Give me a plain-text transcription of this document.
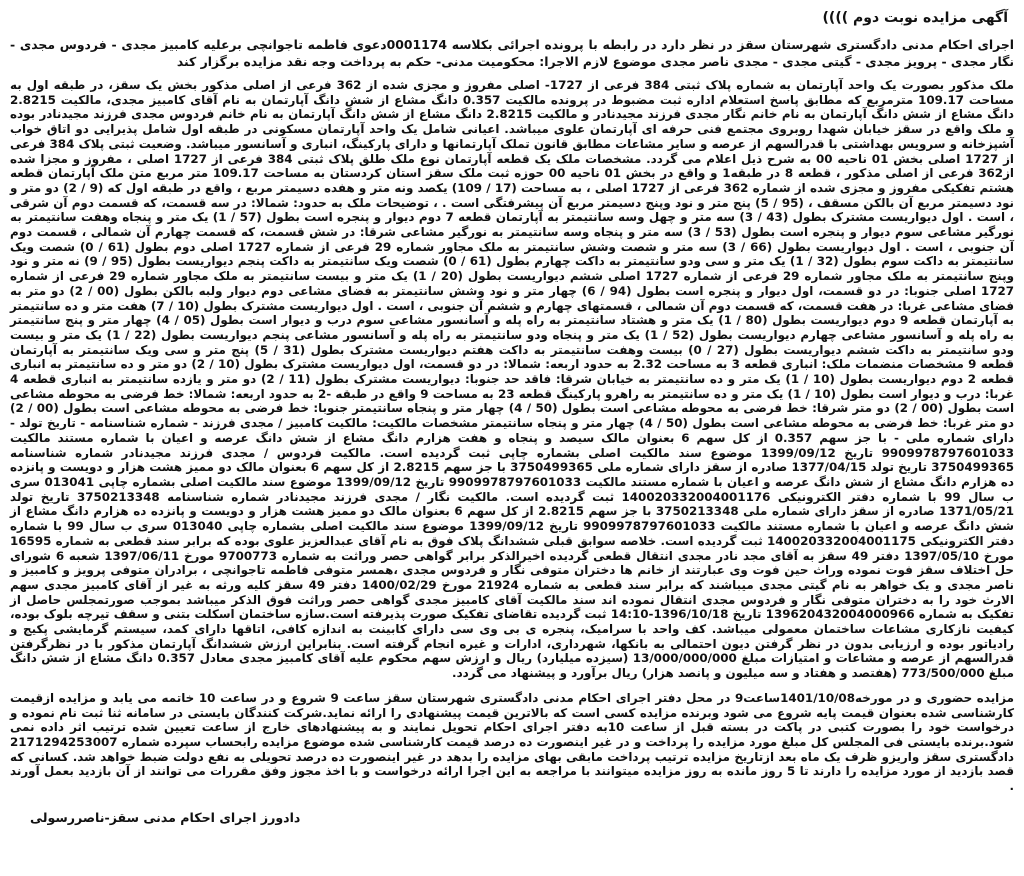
آگهی مزایده نوبت دوم ))))

اجرای احکام مدنی دادگستری شهرستان سقز در نظر دارد در رابطه با پرونده اجرائی بکلاسه 0001174دعوی فاطمه تاجوانچی برعلیه کامبیز مجدی - فردوس مجدی - نگار مجدی - پرویز مجدی - گیتی مجدی - مجدی ناصر مجدی موضوع لازم الاجرا: محکومیت مدنی- حکم به پرداخت وجه نقد مزایده برگزار کند

ملک مذکور بصورت یک واحد آپارتمان به شماره پلاک ثبتی 384 فرعی از 1727- اصلی مفروز و مجزی شده از 362 فرعی از اصلی مذکور بخش یک سقز، در طبقه اول به مساحت 109.17 مترمربع که مطابق پاسخ استعلام اداره ثبت مضبوط در پرونده مالکیت 0.357 دانگ مشاع از شش دانگ آپارتمان به نام آقای کامبیز مجدی، مالکیت 2.8215 دانگ مشاع از شش دانگ آپارتمان به نام خانم نگار مجدی فرزند مجیدنادر و مالکیت 2.8215 دانگ مشاع از شش دانگ آپارتمان به نام خانم فردوس مجدی فرزند مجیدنادر بوده و ملک واقع در سقز خیابان شهدا روبروی مجتمع فنی حرفه ای آپارتمان علوی میباشد. اعیانی شامل یک واحد آپارتمان مسکونی در طبقه اول شامل پذیرایی دو اتاق خواب آشپزخانه و سرویس بهداشتی با قدرالسهم از عرصه و سایر مشاعات مطابق قانون تملک آپارتمانها و دارای پارکینگ، انباری و آسانسور میباشد. وضعیت ثبتی پلاک 384 فرعی از 1727 اصلی بخش 01 ناحیه 00 به شرح ذیل اعلام می گردد. مشخصات ملک یک قطعه آپارتمان نوع ملک طلق پلاک ثبتی 384 فرعی از 1727 اصلی ، مفروز و مجزا شده از362 فرعی از اصلی مذکور ، قطعه 8 در طبقه1 و واقع در بخش 01 ناحیه 00 حوزه ثبت ملک سقز استان کردستان به مساحت 109.17 متر مربع متن ملک آپارتمان قطعه هشتم تفکیکی مفروز و مجزی شده از شماره 362 فرعی از 1727 اصلی ، به مساحت (17 / 109) یکصد ونه متر و هفده دسیمتر مربع ، واقع در طبقه اول که (9 / 2) دو متر و نود دسیمتر مربع آن بالکن مسقف ، (95 / 5) پنج متر و نود وپنج دسیمتر مربع آن پیشرفتگی است . ، توضیحات ملک به حدود: شمالا: در سه قسمت، که قسمت دوم آن شرقی ، است . اول دیواریست مشترک بطول (43 / 3) سه متر و چهل وسه سانتیمتر به آپارتمان قطعه 7 دوم دیوار و پنجره است بطول (57 / 1) یک متر و پنجاه وهفت سانتیمتر به نورگیر مشاعی سوم دیوار و پنجره است بطول (53 / 3) سه متر و پنجاه وسه سانتیمتر به نورگیر مشاعی شرقا: در شش قسمت، که قسمت چهارم آن شمالی ، قسمت دوم آن جنوبی ، است . اول دیواریست بطول (66 / 3) سه متر و شصت وشش سانتیمتر به ملک مجاور شماره 29 فرعی از شماره 1727 اصلی دوم بطول (61 / 0) شصت ویک سانتیمتر به داکت سوم بطول (32 / 1) یک متر و سی ودو سانتیمتر به داکت چهارم بطول (61 / 0) شصت ویک سانتیمتر به داکت پنجم دیواریست بطول (95 / 9) نه متر و نود وپنج سانتیمتر به ملک مجاور شماره 29 فرعی از شماره 1727 اصلی ششم دیواریست بطول (20 / 1) یک متر و بیست سانتیمتر به ملک مجاور شماره 29 فرعی از شماره 1727 اصلی جنوبا: در دو قسمت، اول دیوار و پنجره است بطول (94 / 6) چهار متر و نود وشش سانتیمتر به فضای مشاعی دوم دیوار ولبه بالکن بطول (00 / 2) دو متر به فضای مشاعی غربا: در هفت قسمت، که قسمت دوم آن شمالی ، قسمتهای چهارم و ششم آن جنوبی ، است . اول دیواریست مشترک بطول (10 / 7) هفت متر و ده سانتیمتر به آپارتمان قطعه 9 دوم دیواریست بطول (80 / 1) یک متر و هشتاد سانتیمتر به راه پله و آسانسور مشاعی سوم درب و دیوار است بطول (05 / 4) چهار متر و پنج سانتیمتر به راه پله و آسانسور مشاعی چهارم دیواریست بطول (52 / 1) یک متر و پنجاه ودو سانتیمتر به راه پله و آسانسور مشاعی پنجم دیواریست بطول (22 / 1) یک متر و بیست ودو سانتیمتر به داکت ششم دیواریست بطول (27 / 0) بیست وهفت سانتیمتر به داکت هفتم دیواریست مشترک بطول (31 / 5) پنج متر و سی ویک سانتیمتر به آپارتمان قطعه 9 مشخصات منضمات ملک: انباری قطعه 3 به مساحت 2.32 به حدود اربعه: شمالا: در دو قسمت، اول دیواریست مشترک بطول (10 / 2) دو متر و ده سانتیمتر به انباری قطعه 2 دوم دیواریست بطول (10 / 1) یک متر و ده سانتیمتر به خیابان شرقا: فاقد حد جنوبا: دیواریست مشترک بطول (11 / 2) دو متر و یازده سانتیمتر به انباری قطعه 4 غربا: درب و دیوار است بطول (10 / 1) یک متر و ده سانتیمتر به راهرو پارکینگ قطعه 23 به مساحت 9 واقع در طبقه -2 به حدود اربعه: شمالا: خط فرضی به محوطه مشاعی است بطول (00 / 2) دو متر شرقا: خط فرضی به محوطه مشاعی است بطول (50 / 4) چهار متر و پنجاه سانتیمتر جنوبا: خط فرضی به محوطه مشاعی است بطول (00 / 2) دو متر غربا: خط فرضی به محوطه مشاعی است بطول (50 / 4) چهار متر و پنجاه سانتیمتر مشخصات مالکیت: مالکیت کامبیز / مجدی فرزند - شماره شناسنامه - تاریخ تولد - دارای شماره ملی - با جز سهم 0.357 از کل سهم 6 بعنوان مالک سیصد و پنجاه و هفت هزارم دانگ مشاع از شش دانگ عرصه و اعیان با شماره مستند مالکیت 990997879760103​3 تاریخ 1399/09/12 موضوع سند مالکیت اصلی بشماره چاپی ثبت گردیده است. مالکیت فردوس / مجدی فرزند مجیدنادر شماره شناسنامه 3750499365 تاریخ تولد 1377/04/15 صادره از سقز دارای شماره ملی 3750499365 با جز سهم 2.8215 از کل سهم 6 بعنوان مالک دو ممیز هشت هزار و دویست و پانزده ده هزارم دانگ مشاع از شش دانگ عرصه و اعیان با شماره مستند مالکیت 990997879760103​3 تاریخ 1399/09/12 موضوع سند مالکیت اصلی بشماره چاپی 013041 سری ب سال 99 با شماره دفتر الکترونیکی 140020332004001176 ثبت گردیده است. مالکیت نگار / مجدی فرزند مجیدنادر شماره شناسنامه 3750213348 تاریخ تولد 1371/05/21 صادره از سقز دارای شماره ملی 3750213348 با جز سهم 2.8215 از کل سهم 6 بعنوان مالک دو ممیز هشت هزار و دویست و پانزده ده هزارم دانگ مشاع از شش دانگ عرصه و اعیان با شماره مستند مالکیت 990997879760103​3 تاریخ 1399/09/12 موضوع سند مالکیت اصلی بشماره چاپی 013040 سری ب سال 99 با شماره دفتر الکترونیکی 140020332004001175 ثبت گردیده است. خلاصه سوابق قبلی ششدانگ پلاک فوق به نام آقای عبدالعزیز علوی بوده که برابر سند قطعی به شماره 16595 مورخ 1397/05/10 دفتر 49 سقز به آقای مجد نادر مجدی انتقال قطعی گردیده اخیرالذکر برابر گواهی حصر وراثت به شماره 9700773 مورخ 1397/06/11 شعبه 6 شورای حل اختلاف سقز فوت نموده وراث حین فوت وی عبارتند از خانم ها دختران متوفی نگار و فردوس مجدی ،همسر متوفی فاطمه تاجوانچی ، برادران متوفی پرویز و کامبیز و ناصر مجدی و یک خواهر به نام گیتی مجدی میباشند که برابر سند قطعی به شماره 21924 مورخ 1400/02/29 دفتر 49 سقز کلیه ورثه به غیر از آقای کامبیز مجدی سهم الارث خود را به دختران متوفی نگار و فردوس مجدی انتقال نموده اند سند مالکیت آقای کامبیز مجدی گواهی حصر وراثت فوق الذکر میباشد بموجب صورتمجلس حاصل از تفکیک به شماره 139620432004000966 تاریخ 1396/10/18-14:10 ثبت گردیده تقاضای تفکیک صورت پذیرفته است.سازه ساختمان اسکلت بتنی و سقف تیرچه بلوک بوده، کیفیت نازکاری مشاعات ساختمان معمولی میباشد. کف واحد با سرامیک، پنجره ی بی وی سی دارای کابینت به اندازه کافی، اتاقها دارای کمد، سیستم گرمایشی پکیج و رادیاتور بوده و ارزیابی بدون در نظر گرفتن دیون احتمالی به بانکها، شهرداری، ادارات و غیره انجام گرفته است. بنابراین ارزش ششدانگ آپارتمان مذکور با در نظرگرفتن قدرالسهم از عرصه و مشاعات و امتیازات مبلغ 13/000/000/000 (سیزده میلیارد) ریال و ارزش سهم محکوم علیه آقای کامبیز مجدی معادل 0.357 دانگ مشاع از شش دانگ مبلغ 773/500/000 (هفتصد و هفتاد و سه میلیون و پانصد هزار) ریال برآورد و پیشنهاد می گردد.

مزایده حضوری و در مورخه1401/10/08ساعت9 در محل دفتر اجرای احکام مدنی دادگستری شهرستان سقز ساعت 9 شروع و در ساعت 10 خاتمه می یابد و مزایده ازقیمت کارشناسی شده بعنوان قیمت پایه شروع می شود وبرنده مزایده کسی است که بالاترین قیمت پیشنهادی را ارائه نماید.شرکت کنندگان بایستی در سامانه ثنا ثبت نام نموده و درخواست خود را بصورت کتبی در پاکت در بسته قبل از ساعت 10به دفتر اجرای احکام تحویل نمایند و به پیشنهادهای خارج از ساعت تعیین شده ترتیب اثر داده نمی شود.برنده بایستی فی المجلس کل مبلغ مورد مزایده را پرداخت و در غیر اینصورت ده درصد قیمت کارشناسی شده موضوع مزایده رابحساب سپرده شماره 2171294253007 دادگستری سقز واریزو ظرف یک ماه بعد ازتاریخ مزایده ترتیب پرداخت مابقی بهای مزایده را بدهد در غیر اینصورت ده درصد تحویلی به نفع دولت ضبط خواهد شد. کسانی که قصد بازدید از مورد مزایده را دارند تا 5 روز مانده به روز مزایده میتوانند با مراجعه به این اجرا ارائه درخواست و با اخذ مجوز وفق مقررات می توانند از آن بازدید بعمل آورند .

دادورز اجرای احکام مدنی سقز-ناصررسولی
